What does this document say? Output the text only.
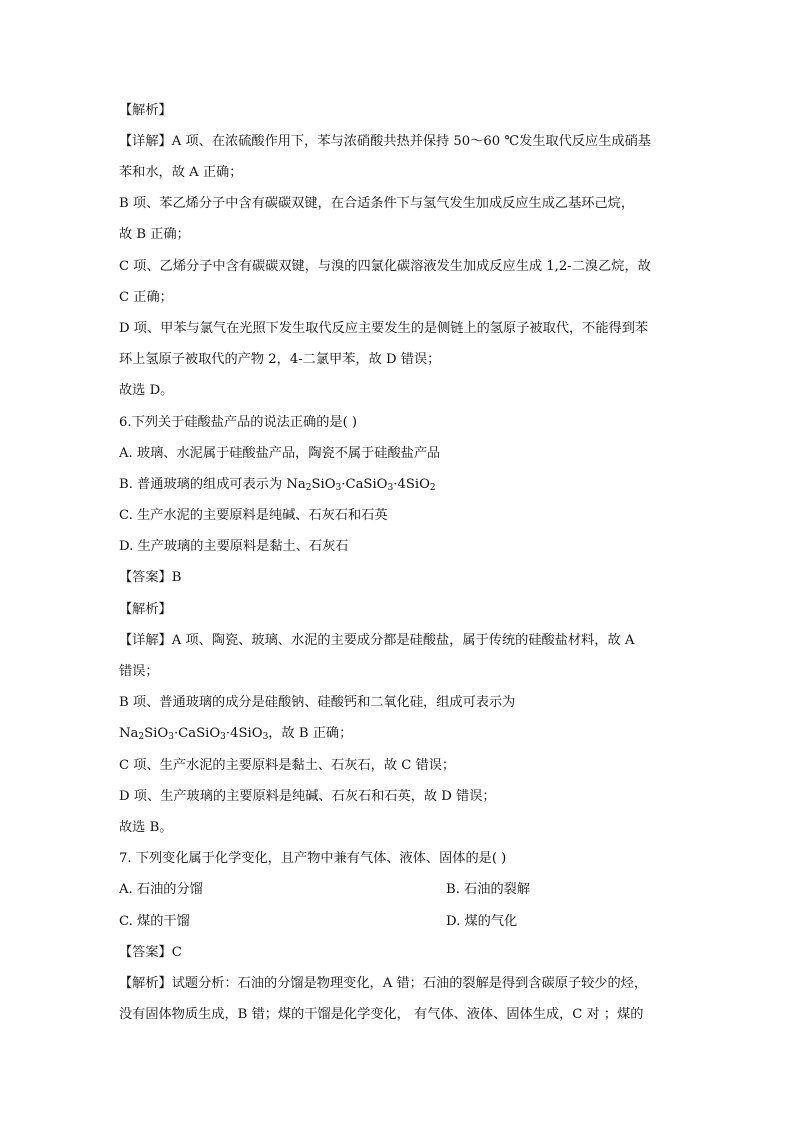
【解析】
【详解】A 项、在浓硫酸作用下，苯与浓硝酸共热并保持 50～60 ℃发生取代反应生成硝基
苯和水，故 A 正确；
B 项、苯乙烯分子中含有碳碳双键，在合适条件下与氢气发生加成反应生成乙基环己烷，
故 B 正确；
C 项、乙烯分子中含有碳碳双键，与溴的四氯化碳溶液发生加成反应生成 1,2-二溴乙烷，故
C 正确；
D 项、甲苯与氯气在光照下发生取代反应主要发生的是侧链上的氢原子被取代，不能得到苯
环上氢原子被取代的产物 2，4-二氯甲苯，故 D 错误；
故选 D。
6.下列关于硅酸盐产品的说法正确的是( )
A. 玻璃、水泥属于硅酸盐产品，陶瓷不属于硅酸盐产品
B. 普通玻璃的组成可表示为 $Na_2SiO_3\cdot CaSiO_3\cdot 4SiO_2$
C. 生产水泥的主要原料是纯碱、石灰石和石英
D. 生产玻璃的主要原料是黏土、石灰石
【答案】B
【解析】
【详解】A 项、陶瓷、玻璃、水泥的主要成分都是硅酸盐，属于传统的硅酸盐材料，故 A
错误；
B 项、普通玻璃的成分是硅酸钠、硅酸钙和二氧化硅，组成可表示为
$Na_2SiO_3\cdot CaSiO_3\cdot 4SiO_3$，故 B 正确；
C 项、生产水泥的主要原料是黏土、石灰石，故 C 错误；
D 项、生产玻璃的主要原料是纯碱、石灰石和石英，故 D 错误；
故选 B。
7. 下列变化属于化学变化，且产物中兼有气体、液体、固体的是( )
A. 石油的分馏	B. 石油的裂解
C. 煤的干馏	D. 煤的气化
【答案】C
【解析】试题分析：石油的分馏是物理变化，A 错；石油的裂解是得到含碳原子较少的烃，
没有固体物质生成，B 错；煤的干馏是化学变化， 有气体、液体、固体生成，C 对 ；煤的
